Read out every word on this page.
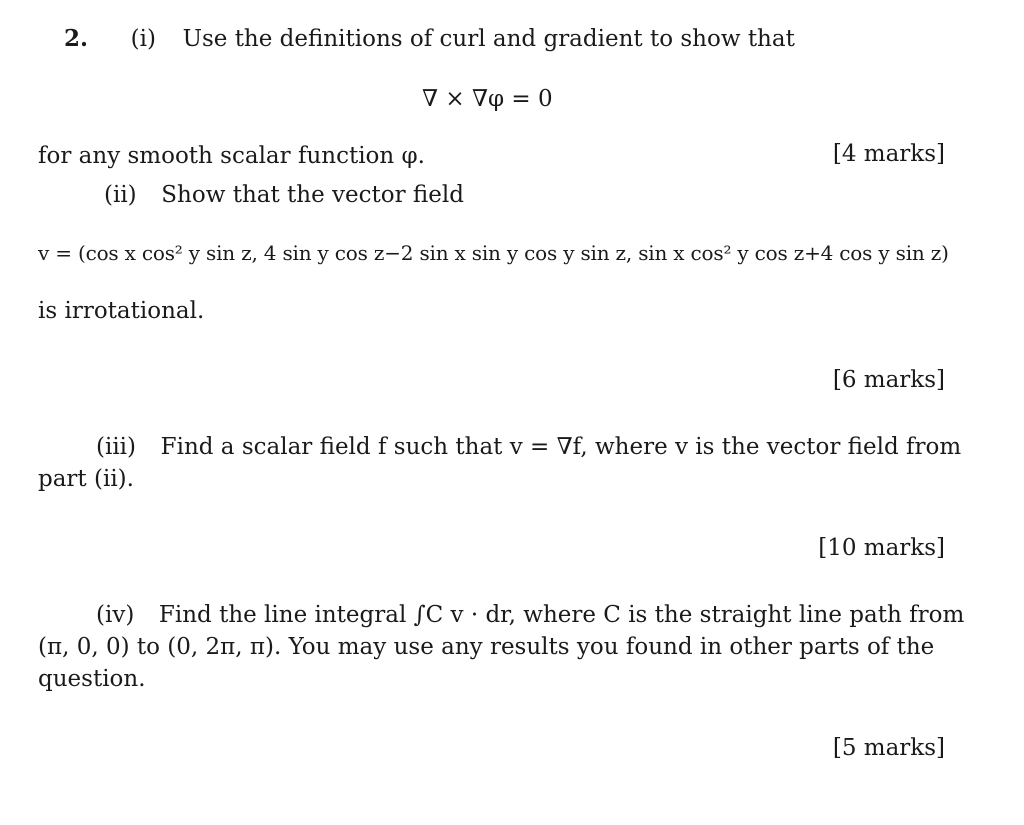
2. (i) Use the definitions of curl and gradient to show that
∇ × ∇φ = 0
for any smooth scalar function φ.	[4 marks]
(ii) Show that the vector field
v = (cos x cos² y sin z, 4 sin y cos z−2 sin x sin y cos y sin z, sin x cos² y cos z+4 cos y sin z)
is irrotational.
[6 marks]
(iii) Find a scalar field f such that v = ∇f, where v is the vector field from
part (ii).
[10 marks]
(iv) Find the line integral ∫C v · dr, where C is the straight line path from
(π, 0, 0) to (0, 2π, π). You may use any results you found in other parts of the
question.
[5 marks]
